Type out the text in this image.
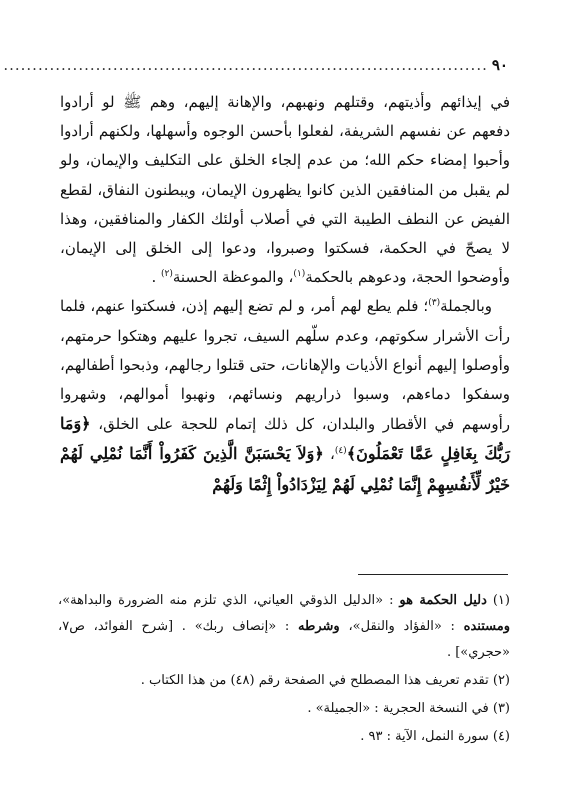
٩٠
....................................................................................

في إيذائهم وأذيتهم، وقتلهم ونهبهم، والإهانة إليهم، وهم ﷺ لو أرادوا دفعهم عن نفسهم الشريفة، لفعلوا بأحسن الوجوه وأسهلها، ولكنهم أرادوا وأحبوا إمضاء حكم الله؛ من عدم إلجاء الخلق على التكليف والإيمان، ولو لم يقبل من المنافقين الذين كانوا يظهرون الإيمان، ويبطنون النفاق، لقطع الفيض عن النطف الطيبة التي في أصلاب أولئك الكفار والمنافقين، وهذا لا يصحّ في الحكمة، فسكتوا وصبروا، ودعوا إلى الخلق إلى الإيمان، وأوضحوا الحجة، ودعوهم بالحكمة$^{(١)}$، والموعظة الحسنة$^{(٢)}$ .

وبالجملة$^{(٣)}$؛ فلم يطع لهم أمر، و لم تضع إليهم إذن، فسكتوا عنهم، فلما رأت الأشرار سكوتهم، وعدم سلّهم السيف، تجروا عليهم وهتكوا حرمتهم، وأوصلوا إليهم أنواع الأذيات والإهانات، حتى قتلوا رجالهم، وذبحوا أطفالهم، وسفكوا دماءهم، وسبوا ذراريهم ونسائهم، ونهبوا أموالهم، وشهروا رأوسهم في الأقطار والبلدان، كل ذلك إتمام للحجة على الخلق، ﴿وَمَا رَبُّكَ بِغَافِلٍ عَمَّا تَعْمَلُونَ﴾$^{(٤)}$، ﴿وَلاَ يَحْسَبَنَّ الَّذِينَ كَفَرُواْ أَنَّمَا نُمْلِي لَهُمْ خَيْرٌ لِّأَنفُسِهِمْ إِنَّمَا نُمْلِي لَهُمْ لِيَزْدَادُواْ إِثْمًا وَلَهُمْ

(١) دليل الحكمة هو : «الدليل الذوقي العياني، الذي تلزم منه الضرورة والبداهة»، ومستنده : «الفؤاد والنقل»، وشرطه : «إنصاف ربك» . [شرح الفوائد، ص٧، «حجري»] .

(٢) تقدم تعريف هذا المصطلح في الصفحة رقم (٤٨) من هذا الكتاب .

(٣) في النسخة الحجرية : «الجميلة» .

(٤) سورة النمل، الآية : ٩٣ .
